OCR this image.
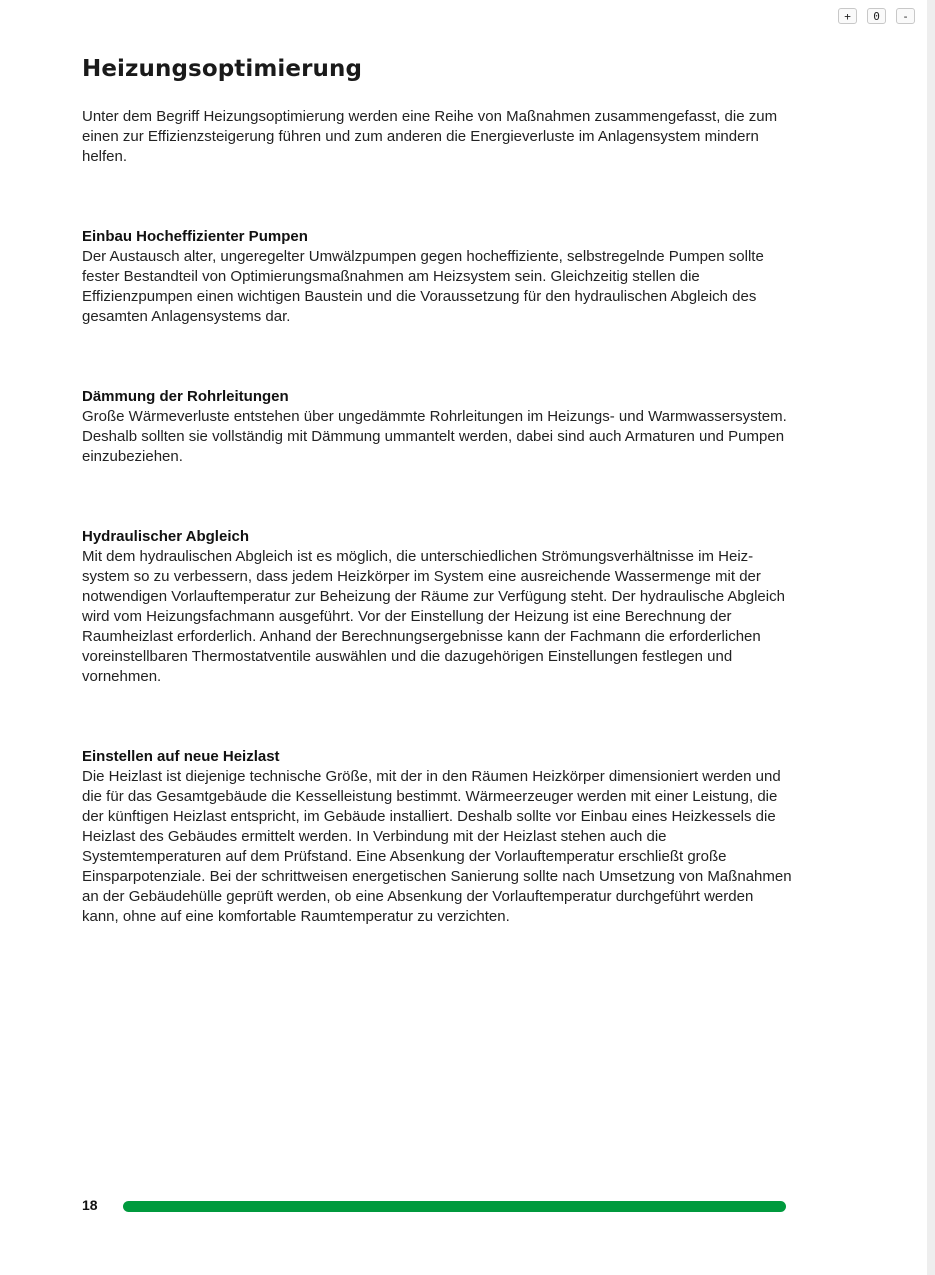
+	0	-
Heizungsoptimierung

Unter dem Begriff Heizungsoptimierung werden eine Reihe von Maßnahmen zusammengefasst, die zum einen zur Effizienzsteigerung führen und zum anderen die Energieverluste im Anlagensystem mindern helfen.

Einbau Hocheffizienter Pumpen

Der Austausch alter, ungeregelter Umwälzpumpen gegen hocheffiziente, selbstregelnde Pumpen sollte fester Bestandteil von Optimierungsmaßnahmen am Heizsystem sein. Gleichzeitig stellen die Effizienzpumpen einen wichtigen Baustein und die Voraussetzung für den hydraulischen Abgleich des gesamten Anlagensystems dar.

Dämmung der Rohrleitungen

Große Wärmeverluste entstehen über ungedämmte Rohrleitungen im Heizungs- und Warmwassersystem. Deshalb sollten sie vollständig mit Dämmung ummantelt werden, dabei sind auch Armaturen und Pumpen einzubeziehen.

Hydraulischer Abgleich

Mit dem hydraulischen Abgleich ist es möglich, die unterschiedlichen Strömungsverhältnisse im Heizsystem so zu verbessern, dass jedem Heizkörper im System eine ausreichende Wassermenge mit der notwendigen Vorlauftemperatur zur Beheizung der Räume zur Verfügung steht. Der hydraulische Abgleich wird vom Heizungsfachmann ausgeführt. Vor der Einstellung der Heizung ist eine Berechnung der Raumheizlast erforderlich. Anhand der Berechnungsergebnisse kann der Fachmann die erforderlichen voreinstellbaren Thermostatventile auswählen und die dazugehörigen Einstellungen festlegen und vornehmen.

Einstellen auf neue Heizlast

Die Heizlast ist diejenige technische Größe, mit der in den Räumen Heizkörper dimensioniert werden und die für das Gesamtgebäude die Kesselleistung bestimmt. Wärmeerzeuger werden mit einer Leistung, die der künftigen Heizlast entspricht, im Gebäude installiert. Deshalb sollte vor Einbau eines Heizkessels die Heizlast des Gebäudes ermittelt werden. In Verbindung mit der Heizlast stehen auch die Systemtemperaturen auf dem Prüfstand. Eine Absenkung der Vorlauftemperatur erschließt große Einsparpotenziale. Bei der schrittweisen energetischen Sanierung sollte nach Umsetzung von Maßnahmen an der Gebäudehülle geprüft werden, ob eine Absenkung der Vorlauftemperatur durchgeführt werden kann, ohne auf eine komfortable Raumtemperatur zu verzichten.

18
